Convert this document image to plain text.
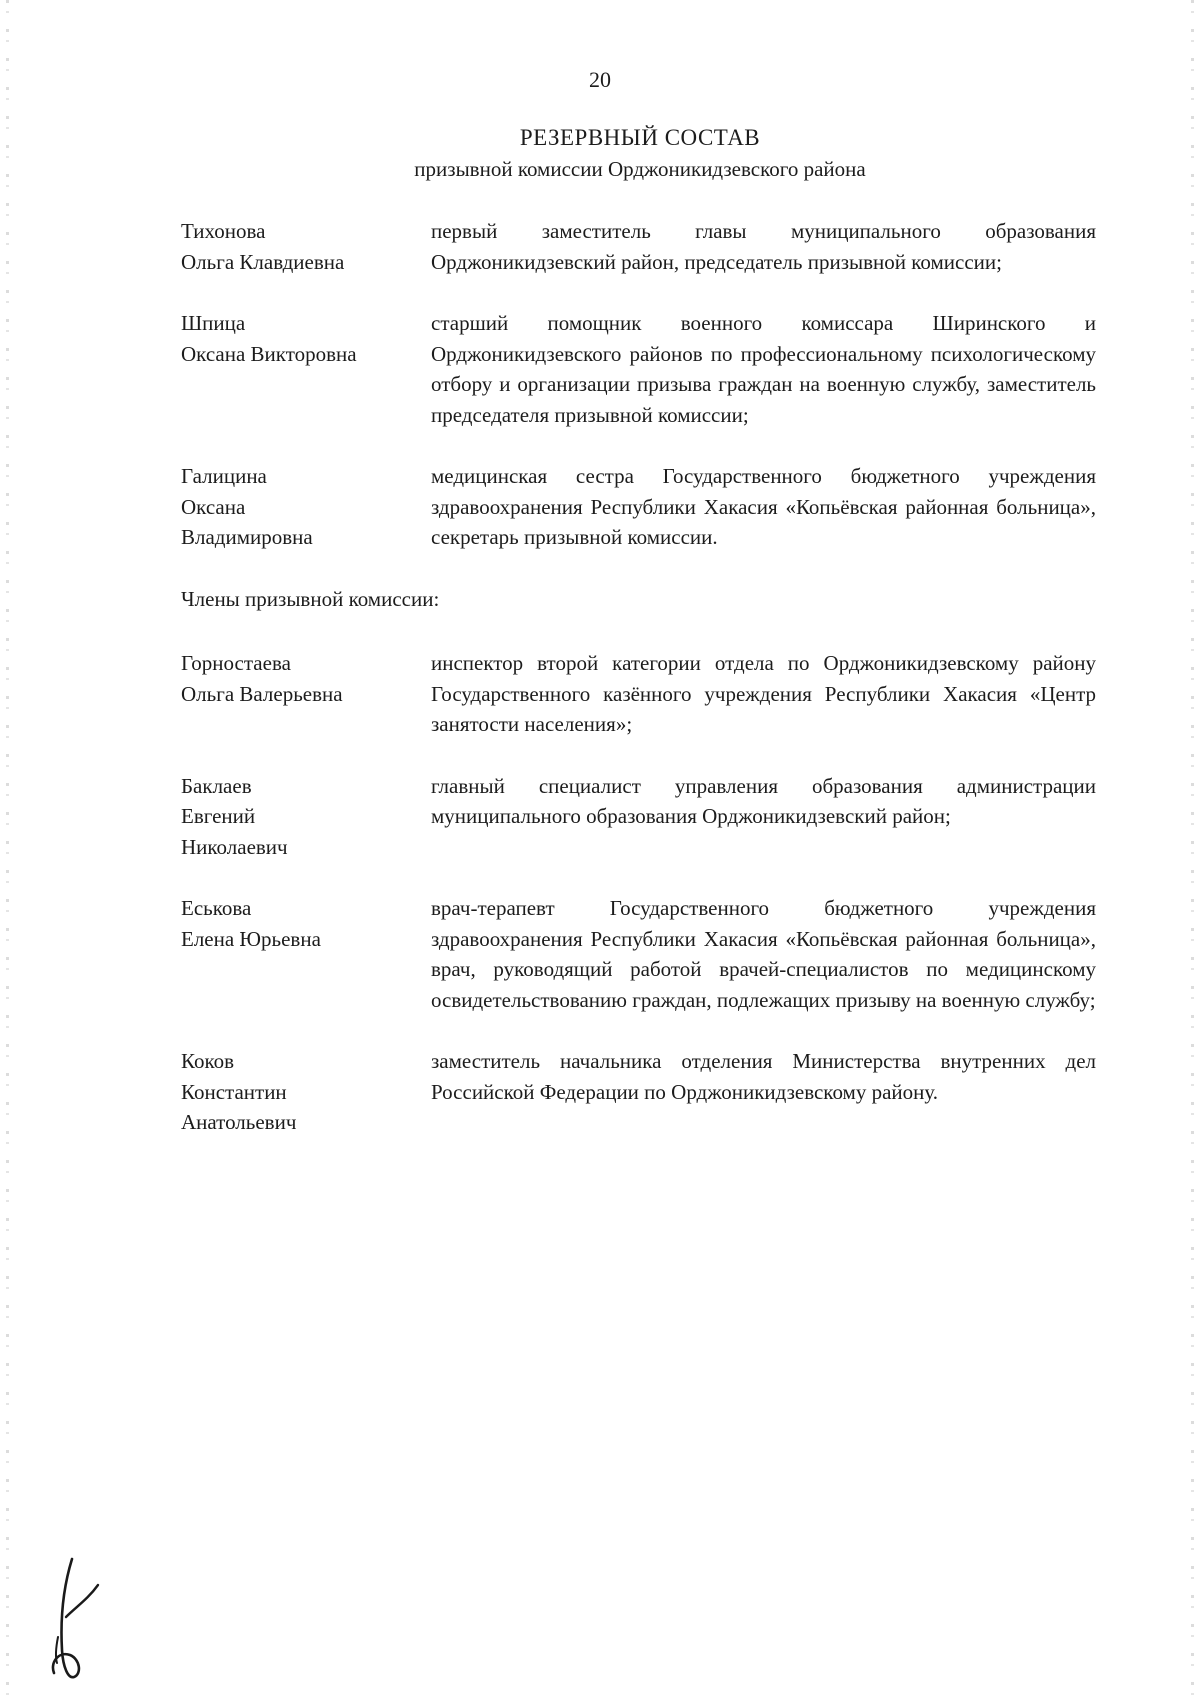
20
РЕЗЕРВНЫЙ СОСТАВ
призывной комиссии Орджоникидзевского района
Тихонова
Ольга Клавдиевна
первый заместитель главы муниципального образования Орджоникидзевский район, председатель призывной комиссии;
Шпица
Оксана Викторовна
старший помощник военного комиссара Ширинского и Орджоникидзевского районов по профессиональному психологическому отбору и организации призыва граждан на военную службу, заместитель председателя призывной комиссии;
Галицина
Оксана
Владимировна
медицинская сестра Государственного бюджетного учреждения здравоохранения Республики Хакасия «Копьёвская районная больница», секретарь призывной комиссии.
Члены призывной комиссии:
Горностаева
Ольга Валерьевна
инспектор второй категории отдела по Орджоникидзевскому району Государственного казённого учреждения Республики Хакасия «Центр занятости населения»;
Баклаев
Евгений
Николаевич
главный специалист управления образования администрации муниципального образования Орджоникидзевский район;
Еськова
Елена Юрьевна
врач-терапевт Государственного бюджетного учреждения здравоохранения Республики Хакасия «Копьёвская районная больница», врач, руководящий работой врачей-специалистов по медицинскому освидетельствованию граждан, подлежащих призыву на военную службу;
Коков
Константин
Анатольевич
заместитель начальника отделения Министерства внутренних дел Российской Федерации по Орджоникидзевскому району.
